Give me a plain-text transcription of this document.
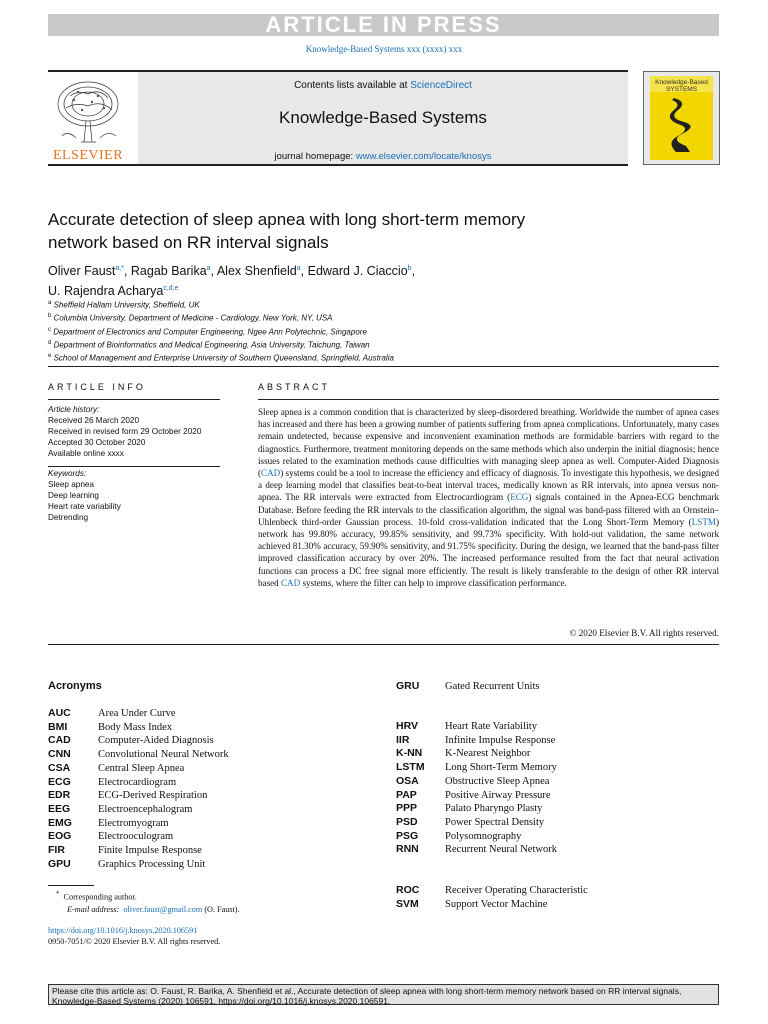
ARTICLE IN PRESS
Knowledge-Based Systems xxx (xxxx) xxx
ELSEVIER
Contents lists available at ScienceDirect
Knowledge-Based Systems
journal homepage: www.elsevier.com/locate/knosys
Knowledge-Based SYSTEMS
Accurate detection of sleep apnea with long short-term memory
network based on RR interval signals
Oliver Faust$^{a,*}$, Ragab Barika$^a$, Alex Shenfield$^a$, Edward J. Ciaccio$^b$,
U. Rajendra Acharya$^{c,d,e}$
$^a$ Sheffield Hallam University, Sheffield, UK
$^b$ Columbia University, Department of Medicine - Cardiology, New York, NY, USA
$^c$ Department of Electronics and Computer Engineering, Ngee Ann Polytechnic, Singapore
$^d$ Department of Bioinformatics and Medical Engineering, Asia University, Taichung, Taiwan
$^e$ School of Management and Enterprise University of Southern Queensland, Springfield, Australia
ARTICLE INFO	ABSTRACT
Article history:
Received 26 March 2020
Received in revised form 29 October 2020
Accepted 30 October 2020
Available online xxxx
Keywords:
Sleep apnea
Deep learning
Heart rate variability
Detrending
Sleep apnea is a common condition that is characterized by sleep-disordered breathing. Worldwide the number of apnea cases has increased and there has been a growing number of patients suffering from apnea complications. Unfortunately, many cases remain undetected, because expensive and inconvenient examination methods are formidable barriers with regard to the diagnostics. Furthermore, treatment monitoring depends on the same methods which also underpin the initial diagnosis; hence issues related to the examination methods cause difficulties with managing sleep apnea as well. Computer-Aided Diagnosis (CAD) systems could be a tool to increase the efficiency and efficacy of diagnosis. To investigate this hypothesis, we designed a deep learning model that classifies beat-to-beat interval traces, medically known as RR intervals, into apnea versus non-apnea. The RR intervals were extracted from Electrocardiogram (ECG) signals contained in the Apnea-ECG benchmark Database. Before feeding the RR intervals to the classification algorithm, the signal was band-pass filtered with an Ornstein–Uhlenbeck third-order Gaussian process. 10-fold cross-validation indicated that the Long Short-Term Memory (LSTM) network has 99.80% accuracy, 99.85% sensitivity, and 99.73% specificity. With hold-out validation, the same network achieved 81.30% accuracy, 59.90% sensitivity, and 91.75% specificity. During the design, we learned that the band-pass filter improved classification accuracy by over 20%. The increased performance resulted from the fact that neural activation functions can process a DC free signal more efficiently. The result is likely transferable to the design of other RR interval based CAD systems, where the filter can help to improve classification performance.
© 2020 Elsevier B.V. All rights reserved.
Acronyms
AUC	Area Under Curve
BMI	Body Mass Index
CAD	Computer-Aided Diagnosis
CNN	Convolutional Neural Network
CSA	Central Sleep Apnea
ECG	Electrocardiogram
EDR	ECG-Derived Respiration
EEG	Electroencephalogram
EMG Electromyogram
EOG	Electrooculogram
FIR	Finite Impulse Response
GPU	Graphics Processing Unit
GRU Gated Recurrent Units
HRV	Heart Rate Variability
IIR	Infinite Impulse Response
K-NN K-Nearest Neighbor
LSTM Long Short-Term Memory
OSA Obstructive Sleep Apnea
PAP	Positive Airway Pressure
PPP	Palato Pharyngo Plasty
PSD	Power Spectral Density
PSG	Polysomnography
RNN	Recurrent Neural Network
ROC Receiver Operating Characteristic
SVM Support Vector Machine
* Corresponding author.
E-mail address: oliver.faust@gmail.com (O. Faust).
https://doi.org/10.1016/j.knosys.2020.106591
0950-7051/© 2020 Elsevier B.V. All rights reserved.
Please cite this article as: O. Faust, R. Barika, A. Shenfield et al., Accurate detection of sleep apnea with long short-term memory network based on RR interval signals, Knowledge-Based Systems (2020) 106591, https://doi.org/10.1016/j.knosys.2020.106591.
